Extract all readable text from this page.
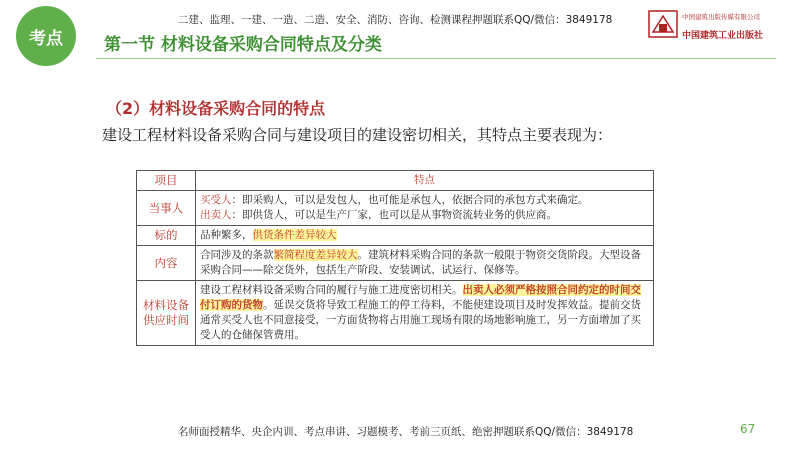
考点
二建、监理、一建、一造、二造、安全、消防、咨询、检测课程押题联系QQ/微信：3849178
第一节 材料设备采购合同特点及分类
中国建筑出版传媒有限公司
中国建筑工业出版社
（2）材料设备采购合同的特点
建设工程材料设备采购合同与建设项目的建设密切相关，其特点主要表现为：
项目	特点
当事人	买受人：即采购人，可以是发包人，也可能是承包人，依据合同的承包方式来确定。
出卖人：即供货人，可以是生产厂家，也可以是从事物资流转业务的供应商。

标的	品种繁多，供货条件差异较大
内容	合同涉及的条款繁简程度差异较大。建筑材料采购合同的条款一般限于物资交货阶段。大型设备采购合同——除交货外，包括生产阶段、安装调试、试运行、保修等。
材料设备供应时间	建设工程材料设备采购合同的履行与施工进度密切相关。出卖人必须严格按照合同约定的时间交付订购的货物。延误交货将导致工程施工的停工待料，不能使建设项目及时发挥效益。提前交货通常买受人也不同意接受，一方面货物将占用施工现场有限的场地影响施工，另一方面增加了买受人的仓储保管费用。
名师面授精华、央企内训、考点串讲、习题模考、考前三页纸、绝密押题联系QQ/微信：3849178	67
